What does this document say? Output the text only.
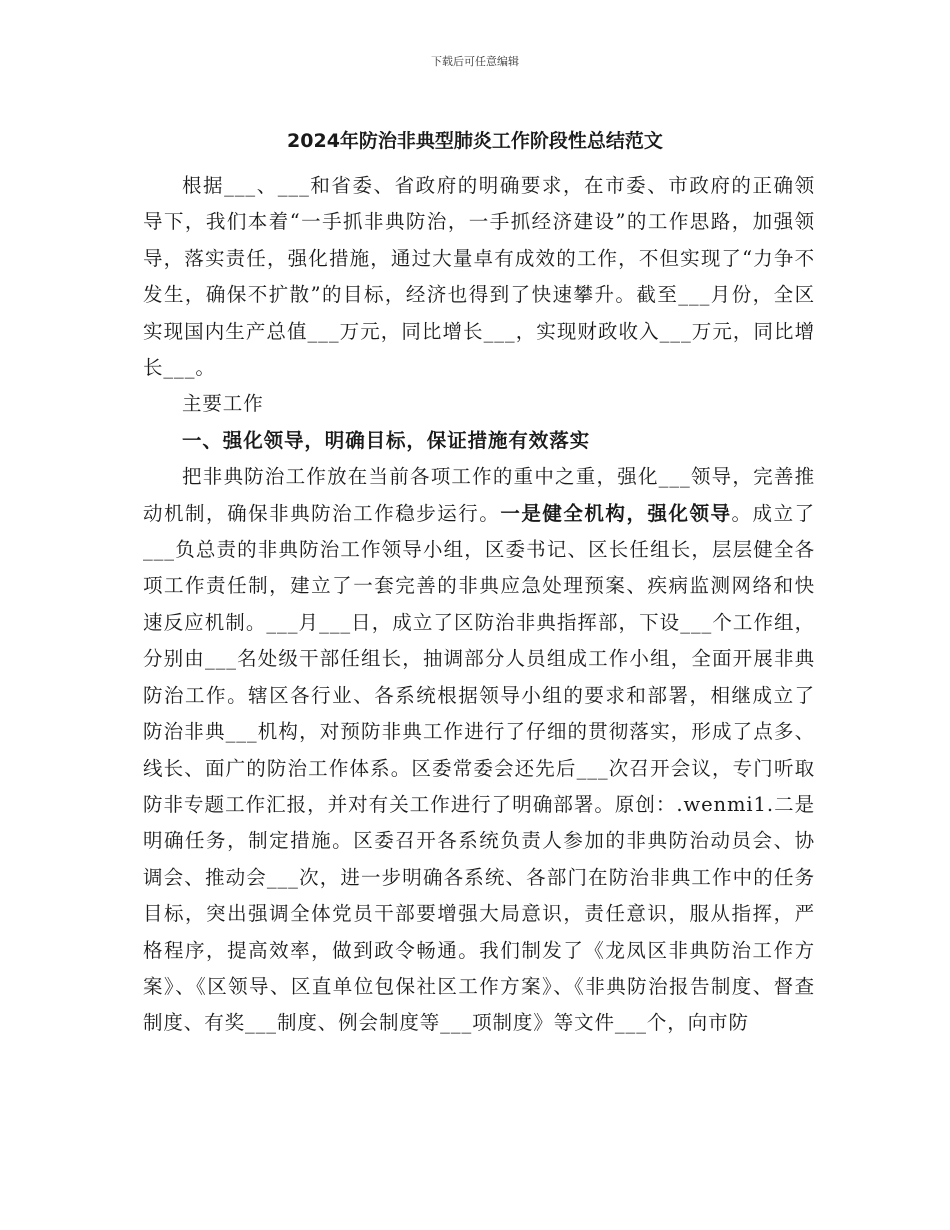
下载后可任意编辑
2024年防治非典型肺炎工作阶段性总结范文

根据___、___和省委、省政府的明确要求，在市委、市政府的正确领导下，我们本着“一手抓非典防治，一手抓经济建设”的工作思路，加强领导，落实责任，强化措施，通过大量卓有成效的工作，不但实现了“力争不发生，确保不扩散”的目标，经济也得到了快速攀升。截至___月份，全区实现国内生产总值___万元，同比增长___，实现财政收入___万元，同比增长___。

主要工作

一、强化领导，明确目标，保证措施有效落实

把非典防治工作放在当前各项工作的重中之重，强化___领导，完善推动机制，确保非典防治工作稳步运行。一是健全机构，强化领导。成立了___负总责的非典防治工作领导小组，区委书记、区长任组长，层层健全各项工作责任制，建立了一套完善的非典应急处理预案、疾病监测网络和快速反应机制。___月___日，成立了区防治非典指挥部，下设___个工作组，分别由___名处级干部任组长，抽调部分人员组成工作小组，全面开展非典防治工作。辖区各行业、各系统根据领导小组的要求和部署，相继成立了防治非典___机构，对预防非典工作进行了仔细的贯彻落实，形成了点多、线长、面广的防治工作体系。区委常委会还先后___次召开会议，专门听取防非专题工作汇报，并对有关工作进行了明确部署。原创：.wenmi1.二是明确任务，制定措施。区委召开各系统负责人参加的非典防治动员会、协调会、推动会___次，进一步明确各系统、各部门在防治非典工作中的任务目标，突出强调全体党员干部要增强大局意识，责任意识，服从指挥，严格程序，提高效率，做到政令畅通。我们制发了《龙凤区非典防治工作方案》、《区领导、区直单位包保社区工作方案》、《非典防治报告制度、督查制度、有奖___制度、例会制度等___项制度》等文件___个，向市防
